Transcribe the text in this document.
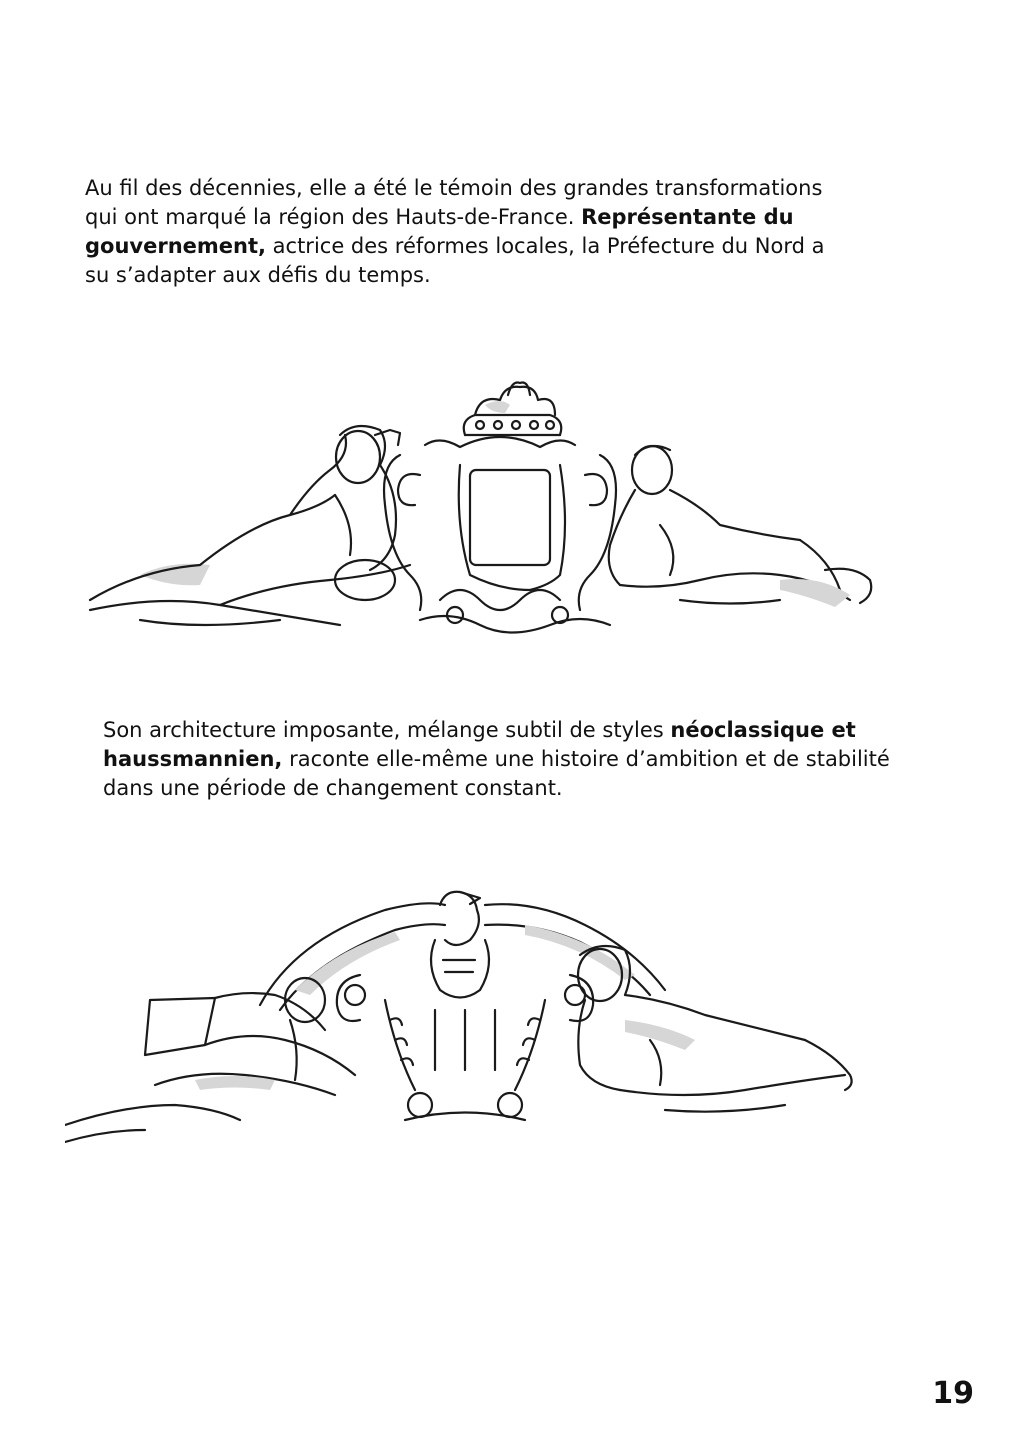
Au fil des décennies, elle a été le témoin des grandes transformations qui ont marqué la région des Hauts-de-France. Représentante du gouvernement, actrice des réformes locales, la Préfecture du Nord a su s’adapter aux défis du temps.

Son architecture imposante, mélange subtil de styles néoclassique et haussmannien, raconte elle-même une histoire d’ambition et de stabilité dans une période de changement constant.

19
